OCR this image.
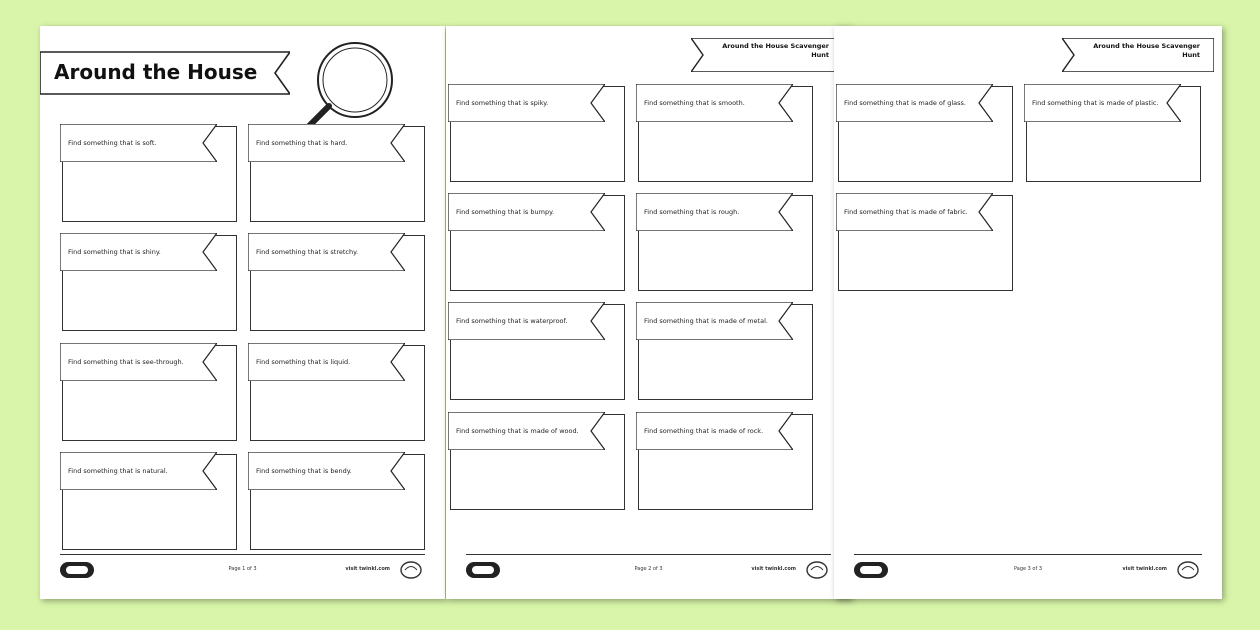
Around the House
Find something that is soft.	Find something that is hard.
Find something that is shiny.	Find something that is stretchy.
Find something that is see-through.	Find something that is liquid.
Find something that is natural.	Find something that is bendy.
Page 1 of 3	visit twinkl.com
Around the House Scavenger Hunt
Find something that is spiky.	Find something that is smooth.
Find something that is bumpy.	Find something that is rough.
Find something that is waterproof.	Find something that is made of metal.
Find something that is made of wood.	Find something that is made of rock.
Page 2 of 3	visit twinkl.com
Around the House Scavenger Hunt
Find something that is made of glass.	Find something that is made of plastic.
Find something that is made of fabric.
Page 3 of 3	visit twinkl.com
